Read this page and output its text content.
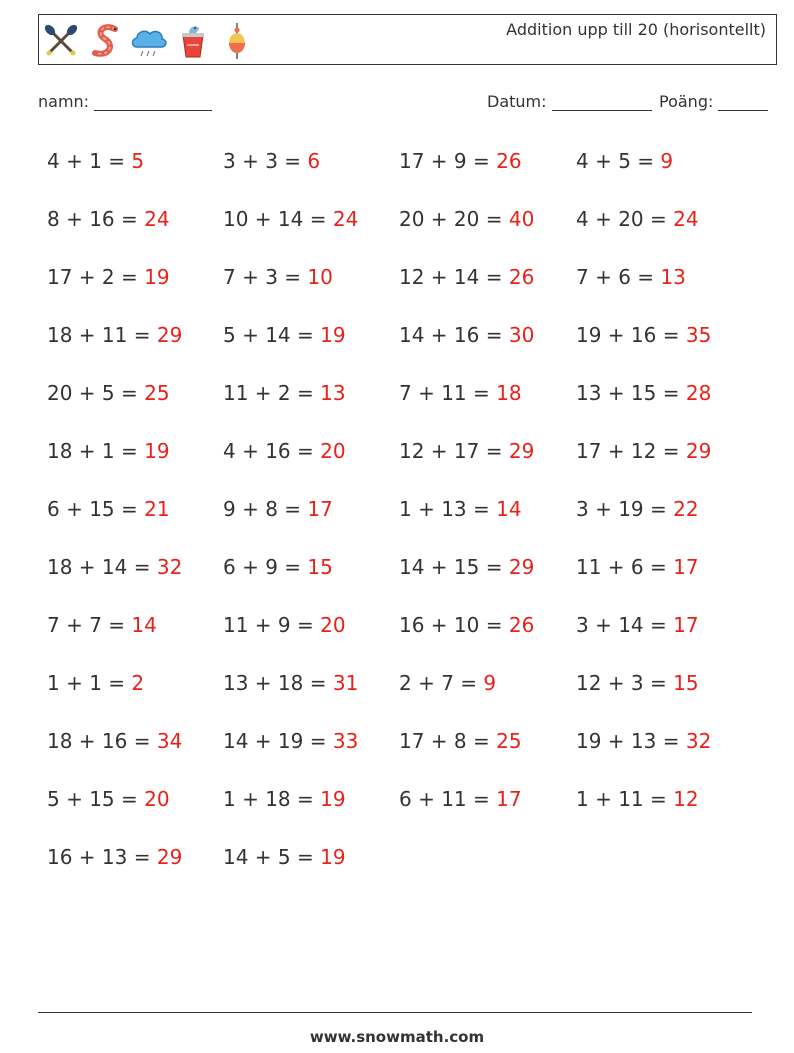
Addition upp till 20 (horisontellt)
namn:	Datum:	Poäng:
4 + 1 = 5	3 + 3 = 6	17 + 9 = 26	4 + 5 = 9
8 + 16 = 24	10 + 14 = 24	20 + 20 = 40	4 + 20 = 24
17 + 2 = 19	7 + 3 = 10	12 + 14 = 26	7 + 6 = 13
18 + 11 = 29	5 + 14 = 19	14 + 16 = 30	19 + 16 = 35
20 + 5 = 25	11 + 2 = 13	7 + 11 = 18	13 + 15 = 28
18 + 1 = 19	4 + 16 = 20	12 + 17 = 29	17 + 12 = 29
6 + 15 = 21	9 + 8 = 17	1 + 13 = 14	3 + 19 = 22
18 + 14 = 32	6 + 9 = 15	14 + 15 = 29	11 + 6 = 17
7 + 7 = 14	11 + 9 = 20	16 + 10 = 26	3 + 14 = 17
1 + 1 = 2	13 + 18 = 31	2 + 7 = 9	12 + 3 = 15
18 + 16 = 34	14 + 19 = 33	17 + 8 = 25	19 + 13 = 32
5 + 15 = 20	1 + 18 = 19	6 + 11 = 17	1 + 11 = 12
16 + 13 = 29	14 + 5 = 19
www.snowmath.com
